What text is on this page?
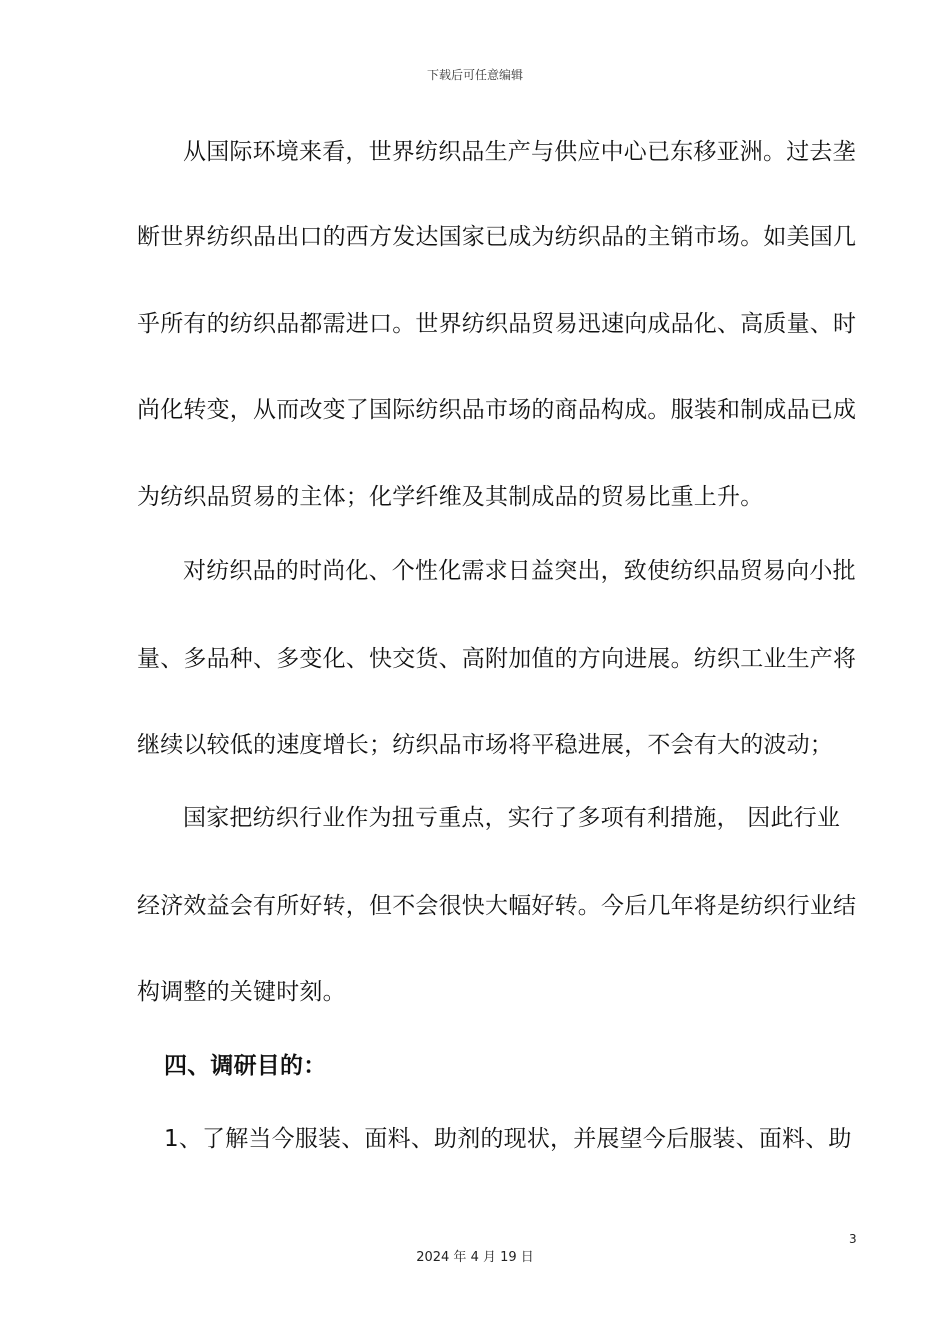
下载后可任意编辑
从国际环境来看，世界纺织品生产与供应中心已东移亚洲。过去垄
断世界纺织品出口的西方发达国家已成为纺织品的主销市场。如美国几
乎所有的纺织品都需进口。世界纺织品贸易迅速向成品化、高质量、时
尚化转变，从而改变了国际纺织品市场的商品构成。服装和制成品已成
为纺织品贸易的主体；化学纤维及其制成品的贸易比重上升。
对纺织品的时尚化、个性化需求日益突出，致使纺织品贸易向小批
量、多品种、多变化、快交货、高附加值的方向进展。纺织工业生产将
继续以较低的速度增长；纺织品市场将平稳进展，不会有大的波动；
国家把纺织行业作为扭亏重点，实行了多项有利措施， 因此行业
经济效益会有所好转，但不会很快大幅好转。今后几年将是纺织行业结
构调整的关键时刻。
四、调研目的：
1、了解当今服装、面料、助剂的现状，并展望今后服装、面料、助
3
2024 年 4 月 19 日
